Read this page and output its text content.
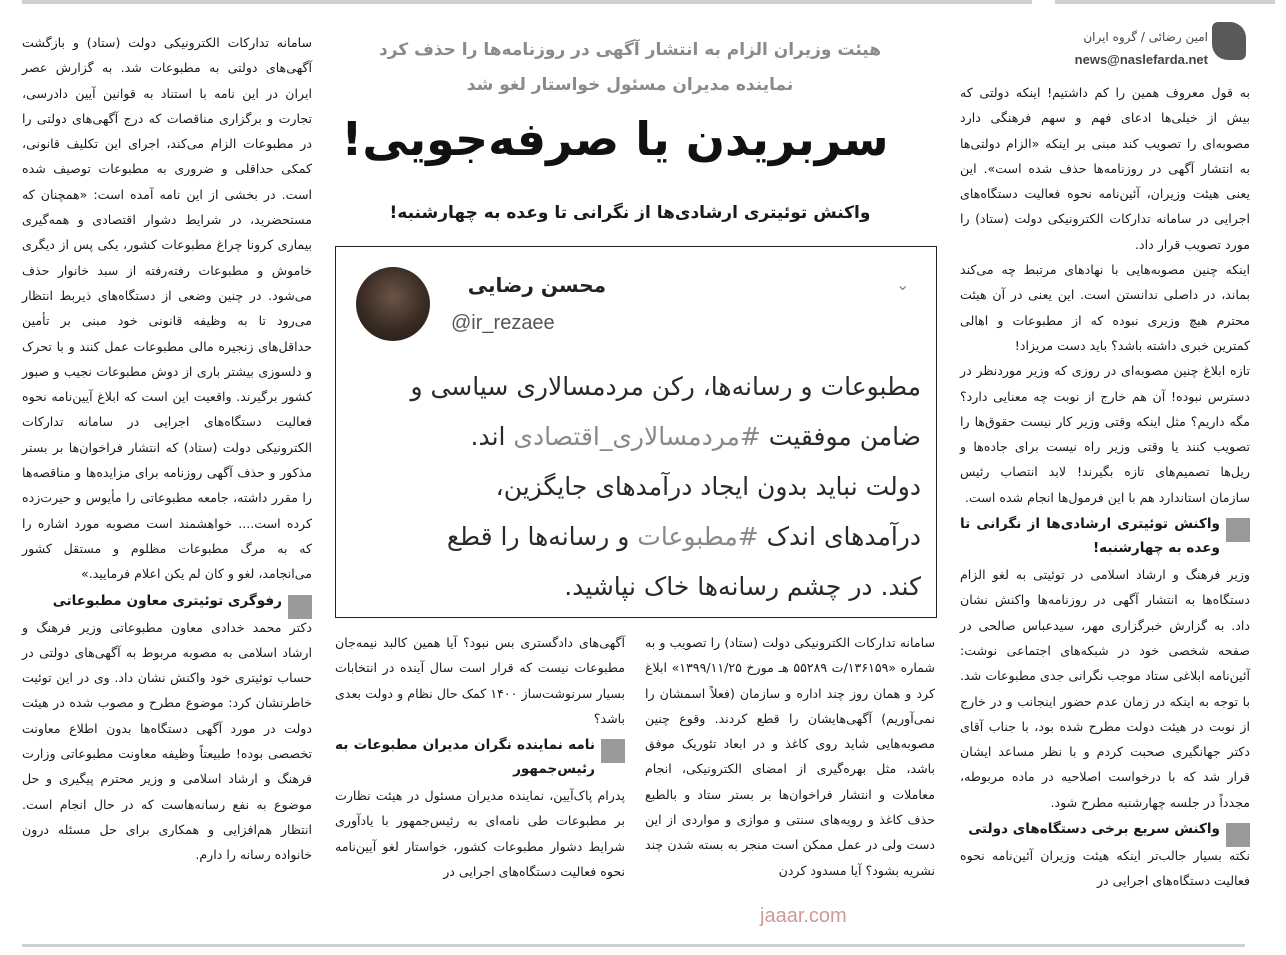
امین رضائی / گروه ایران
news@naslefarda.net
هیئت وزیران الزام به انتشار آگهی در روزنامه‌ها را حذف کرد
نماینده مدیران مسئول خواستار لغو شد
سربریدن یا صرفه‌جویی!
واکنش توئیتری ارشادی‌ها از نگرانی تا وعده به چهارشنبه!
⌄
محسن رضایی
@ir_rezaee
مطبوعات و رسانه‌ها، رکن مردمسالاری سیاسی و
ضامن موفقیت #مردمسالاری_اقتصادی اند.
دولت نباید بدون ایجاد درآمدهای جایگزین،
درآمدهای اندک #مطبوعات و رسانه‌ها را قطع
کند. در چشم رسانه‌ها خاک نپاشید.

به قول معروف همین را کم داشتیم! اینکه دولتی که بیش از خیلی‌ها ادعای فهم و سهم فرهنگی دارد مصوبه‌ای را تصویب کند مبنی بر اینکه «الزام دولتی‌ها به انتشار آگهی در روزنامه‌ها حذف شده است». این یعنی هیئت وزیران، آئین‌نامه نحوه فعالیت دستگاه‌های اجرایی در سامانه تدارکات الکترونیکی دولت (ستاد) را مورد تصویب قرار داد.

اینکه چنین مصوبه‌هایی با نهادهای مرتبط چه می‌کند بماند، در داصلی ندانستن است. این یعنی در آن هیئت محترم هیچ وزیری نبوده که از مطبوعات و اهالی کمترین خبری داشته باشد؟ باید دست مریزاد!

تازه ابلاغ چنین مصوبه‌ای در روزی که وزیر موردنظر در دسترس نبوده! آن هم خارج از نوبت چه معنایی دارد؟ مگه داریم؟ مثل اینکه وقتی وزیر کار نیست حقوق‌ها را تصویب کنند یا وقتی وزیر راه نیست برای جاده‌ها و ریل‌ها تصمیم‌های تازه بگیرند! لابد انتصاب رئیس سازمان استاندارد هم با این فرمول‌ها انجام شده است.

واکنش توئیتری ارشادی‌ها از نگرانی تا وعده به چهارشنبه!

وزیر فرهنگ و ارشاد اسلامی در توئیتی به لغو الزام دستگاه‌ها به انتشار آگهی در روزنامه‌ها واکنش نشان داد. به گزارش خبرگزاری مهر، سیدعباس صالحی در صفحه شخصی خود در شبکه‌های اجتماعی نوشت: آئین‌نامه ابلاغی ستاد موجب نگرانی جدی مطبوعات شد. با توجه به اینکه در زمان عدم حضور اینجانب و در خارج از نوبت در هیئت دولت مطرح شده بود، با جناب آقای دکتر جهانگیری صحبت کردم و با نظر مساعد ایشان قرار شد که با درخواست اصلاحیه در ماده مربوطه، مجدداً در جلسه چهارشنبه مطرح شود.

واکنش سریع برخی دستگاه‌های دولتی

نکته بسیار جالب‌تر اینکه هیئت وزیران آئین‌نامه نحوه فعالیت دستگاه‌های اجرایی در

سامانه تدارکات الکترونیکی دولت (ستاد) را تصویب و به شماره «۱۳۶۱۵۹/ت ۵۵۲۸۹ هـ مورخ ۱۳۹۹/۱۱/۲۵» ابلاغ کرد و همان روز چند اداره و سازمان (فعلاً اسمشان را نمی‌آوریم) آگهی‌هایشان را قطع کردند. وقوع چنین مصوبه‌هایی شاید روی کاغذ و در ابعاد تئوریک موفق باشد، مثل بهره‌گیری از امضای الکترونیکی، انجام معاملات و انتشار فراخوان‌ها بر بستر ستاد و بالطبع حذف کاغذ و رویه‌های سنتی و موازی و مواردی از این دست ولی در عمل ممکن است منجر به بسته شدن چند نشریه بشود؟ آیا مسدود کردن

آگهی‌های دادگستری بس نبود؟ آیا همین کالبد نیمه‌جان مطبوعات نیست که قرار است سال آینده در انتخابات بسیار سرنوشت‌ساز ۱۴۰۰ کمک حال نظام و دولت بعدی باشد؟

نامه نماینده نگران مدیران مطبوعات به رئیس‌جمهور

پدرام پاک‌آیین، نماینده مدیران مسئول در هیئت نظارت بر مطبوعات طی نامه‌ای به رئیس‌جمهور با یادآوری شرایط دشوار مطبوعات کشور، خواستار لغو آیین‌نامه نحوه فعالیت دستگاه‌های اجرایی در

سامانه تدارکات الکترونیکی دولت (ستاد) و بازگشت آگهی‌های دولتی به مطبوعات شد. به گزارش عصر ایران در این نامه با استناد به قوانین آیین دادرسی، تجارت و برگزاری مناقصات که درج آگهی‌های دولتی را در مطبوعات الزام می‌کند، اجرای این تکلیف قانونی، کمکی حداقلی و ضروری به مطبوعات توصیف شده است. در بخشی از این نامه آمده است: «همچنان که مستحضرید، در شرایط دشوار اقتصادی و همه‌گیری بیماری کرونا چراغ مطبوعات کشور، یکی پس از دیگری خاموش و مطبوعات رفته‌رفته از سبد خانوار حذف می‌شود. در چنین وضعی از دستگاه‌های ذیربط انتظار می‌رود تا به وظیفه قانونی خود مبنی بر تأمین حداقل‌های زنجیره مالی مطبوعات عمل کنند و با تحرک و دلسوزی بیشتر باری از دوش مطبوعات نجیب و صبور کشور برگیرند. واقعیت این است که ابلاغ آیین‌نامه نحوه فعالیت دستگاه‌های اجرایی در سامانه تدارکات الکترونیکی دولت (ستاد) که انتشار فراخوان‌ها بر بستر مذکور و حذف آگهی روزنامه برای مزایده‌ها و مناقصه‌ها را مقرر داشته، جامعه مطبوعاتی را مأیوس و حیرت‌زده کرده است.... خواهشمند است مصوبه مورد اشاره را که به مرگ مطبوعات مظلوم و مستقل کشور می‌انجامد، لغو و کان لم یکن اعلام فرمایید.»

رفوگری توئیتری معاون مطبوعاتی

دکتر محمد خدادی معاون مطبوعاتی وزیر فرهنگ و ارشاد اسلامی به مصوبه مربوط به آگهی‌های دولتی در حساب توئیتری خود واکنش نشان داد. وی در این توئیت خاطرنشان کرد: موضوع مطرح و مصوب شده در هیئت دولت در مورد آگهی دستگاه‌ها بدون اطلاع معاونت تخصصی بوده! طبیعتاً وظیفه معاونت مطبوعاتی وزارت فرهنگ و ارشاد اسلامی و وزیر محترم پیگیری و حل موضوع به نفع رسانه‌هاست که در حال انجام است. انتظار هم‌افزایی و همکاری برای حل مسئله درون خانواده رسانه را دارم.

jaaar.com
